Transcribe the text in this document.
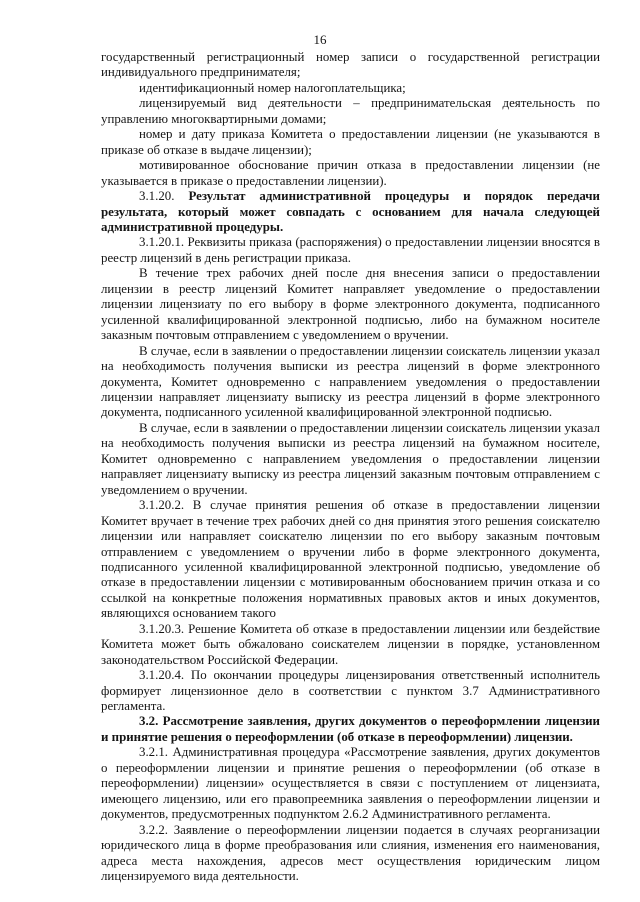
16

государственный регистрационный номер записи о государственной регистрации индивидуального предпринимателя;

идентификационный номер налогоплательщика;

лицензируемый вид деятельности – предпринимательская деятельность по управлению многоквартирными домами;

номер и дату приказа Комитета о предоставлении лицензии (не указываются в приказе об отказе в выдаче лицензии);

мотивированное обоснование причин отказа в предоставлении лицензии (не указывается в приказе о предоставлении лицензии).

3.1.20. Результат административной процедуры и порядок передачи результата, который может совпадать с основанием для начала следующей административной процедуры.

3.1.20.1. Реквизиты приказа (распоряжения) о предоставлении лицензии вносятся в реестр лицензий в день регистрации приказа.

В течение трех рабочих дней после дня внесения записи о предоставлении лицензии в реестр лицензий Комитет направляет уведомление о предоставлении лицензии лицензиату по его выбору в форме электронного документа, подписанного усиленной квалифицированной электронной подписью, либо на бумажном носителе заказным почтовым отправлением с уведомлением о вручении.

В случае, если в заявлении о предоставлении лицензии соискатель лицензии указал на необходимость получения выписки из реестра лицензий в форме электронного документа, Комитет одновременно с направлением уведомления о предоставлении лицензии направляет лицензиату выписку из реестра лицензий в форме электронного документа, подписанного усиленной квалифицированной электронной подписью.

В случае, если в заявлении о предоставлении лицензии соискатель лицензии указал на необходимость получения выписки из реестра лицензий на бумажном носителе, Комитет одновременно с направлением уведомления о предоставлении лицензии направляет лицензиату выписку из реестра лицензий заказным почтовым отправлением с уведомлением о вручении.

3.1.20.2. В случае принятия решения об отказе в предоставлении лицензии Комитет вручает в течение трех рабочих дней со дня принятия этого решения соискателю лицензии или направляет соискателю лицензии по его выбору заказным почтовым отправлением с уведомлением о вручении либо в форме электронного документа, подписанного усиленной квалифицированной электронной подписью, уведомление об отказе в предоставлении лицензии с мотивированным обоснованием причин отказа и со ссылкой на конкретные положения нормативных правовых актов и иных документов, являющихся основанием такого

3.1.20.3. Решение Комитета об отказе в предоставлении лицензии или бездействие Комитета может быть обжаловано соискателем лицензии в порядке, установленном законодательством Российской Федерации.

3.1.20.4. По окончании процедуры лицензирования ответственный исполнитель формирует лицензионное дело в соответствии с пунктом 3.7 Административного регламента.

3.2. Рассмотрение заявления, других документов о переоформлении лицензии и принятие решения о переоформлении (об отказе в переоформлении) лицензии.

3.2.1. Административная процедура «Рассмотрение заявления, других документов о переоформлении лицензии и принятие решения о переоформлении (об отказе в переоформлении) лицензии» осуществляется в связи с поступлением от лицензиата, имеющего лицензию, или его правопреемника заявления о переоформлении лицензии и документов, предусмотренных подпунктом 2.6.2 Административного регламента.

3.2.2. Заявление о переоформлении лицензии подается в случаях реорганизации юридического лица в форме преобразования или слияния, изменения его наименования, адреса места нахождения, адресов мест осуществления юридическим лицом лицензируемого вида деятельности.
